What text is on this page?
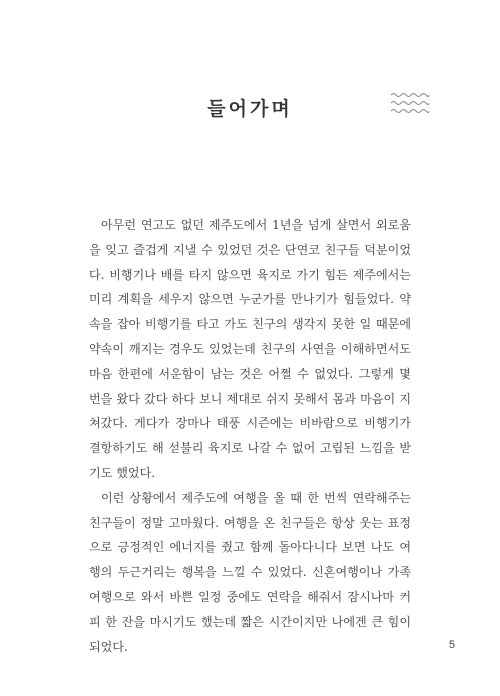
들어가며

아무런 연고도 없던 제주도에서 1년을 넘게 살면서 외로움을 잊고 즐겁게 지낼 수 있었던 것은 단연코 친구들 덕분이었다. 비행기나 배를 타지 않으면 육지로 가기 힘든 제주에서는 미리 계획을 세우지 않으면 누군가를 만나기가 힘들었다. 약속을 잡아 비행기를 타고 가도 친구의 생각지 못한 일 때문에 약속이 깨지는 경우도 있었는데 친구의 사연을 이해하면서도 마음 한편에 서운함이 남는 것은 어쩔 수 없었다. 그렇게 몇 번을 왔다 갔다 하다 보니 제대로 쉬지 못해서 몸과 마음이 지쳐갔다. 게다가 장마나 태풍 시즌에는 비바람으로 비행기가 결항하기도 해 섣불리 육지로 나갈 수 없어 고립된 느낌을 받기도 했었다.

이런 상황에서 제주도에 여행을 올 때 한 번씩 연락해주는 친구들이 정말 고마웠다. 여행을 온 친구들은 항상 웃는 표정으로 긍정적인 에너지를 줬고 함께 돌아다니다 보면 나도 여행의 두근거리는 행복을 느낄 수 있었다. 신혼여행이나 가족여행으로 와서 바쁜 일정 중에도 연락을 해줘서 잠시나마 커피 한 잔을 마시기도 했는데 짧은 시간이지만 나에겐 큰 힘이 되었다.	5
